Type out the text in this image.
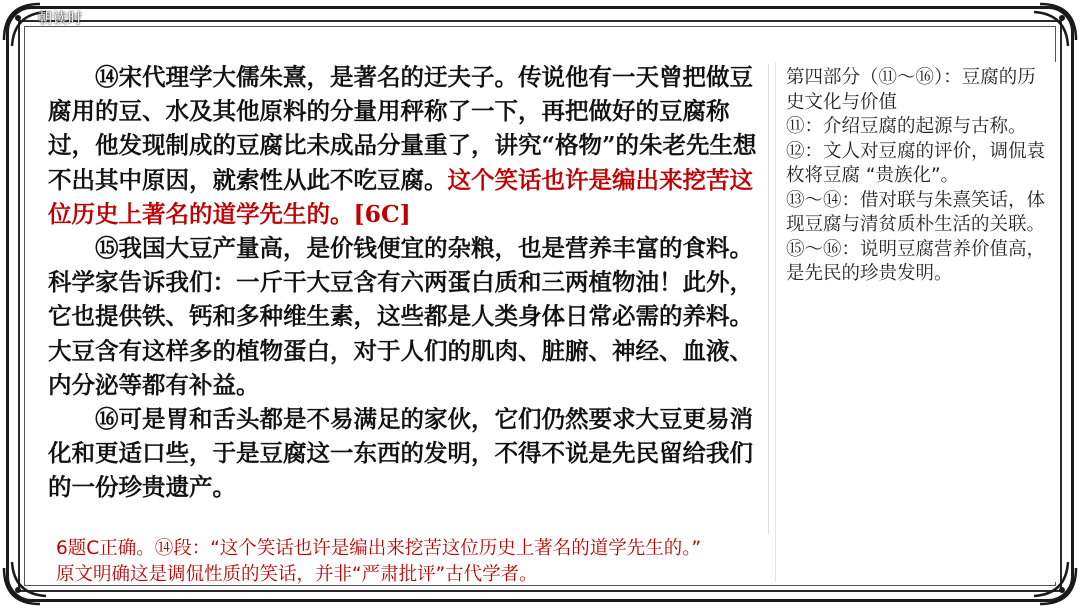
朝读时

⑭宋代理学大儒朱熹，是著名的迂夫子。传说他有一天曾把做豆腐用的豆、水及其他原料的分量用秤称了一下，再把做好的豆腐称过，他发现制成的豆腐比未成品分量重了，讲究“格物”的朱老先生想不出其中原因，就索性从此不吃豆腐。这个笑话也许是编出来挖苦这位历史上著名的道学先生的。[6C]

⑮我国大豆产量高，是价钱便宜的杂粮，也是营养丰富的食料。科学家告诉我们：一斤干大豆含有六两蛋白质和三两植物油！此外，它也提供铁、钙和多种维生素，这些都是人类身体日常必需的养料。大豆含有这样多的植物蛋白，对于人们的肌肉、脏腑、神经、血液、内分泌等都有补益。

⑯可是胃和舌头都是不易满足的家伙，它们仍然要求大豆更易消化和更适口些，于是豆腐这一东西的发明，不得不说是先民留给我们的一份珍贵遗产。

第四部分（⑪～⑯）：豆腐的历史文化与价值

⑪：介绍豆腐的起源与古称。

⑫：文人对豆腐的评价，调侃袁枚将豆腐 “贵族化”。

⑬～⑭：借对联与朱熹笑话，体现豆腐与清贫质朴生活的关联。

⑮～⑯：说明豆腐营养价值高，是先民的珍贵发明。

6题C正确。⑭段：“这个笑话也许是编出来挖苦这位历史上著名的道学先生的。”

原文明确这是调侃性质的笑话，并非“严肃批评”古代学者。
